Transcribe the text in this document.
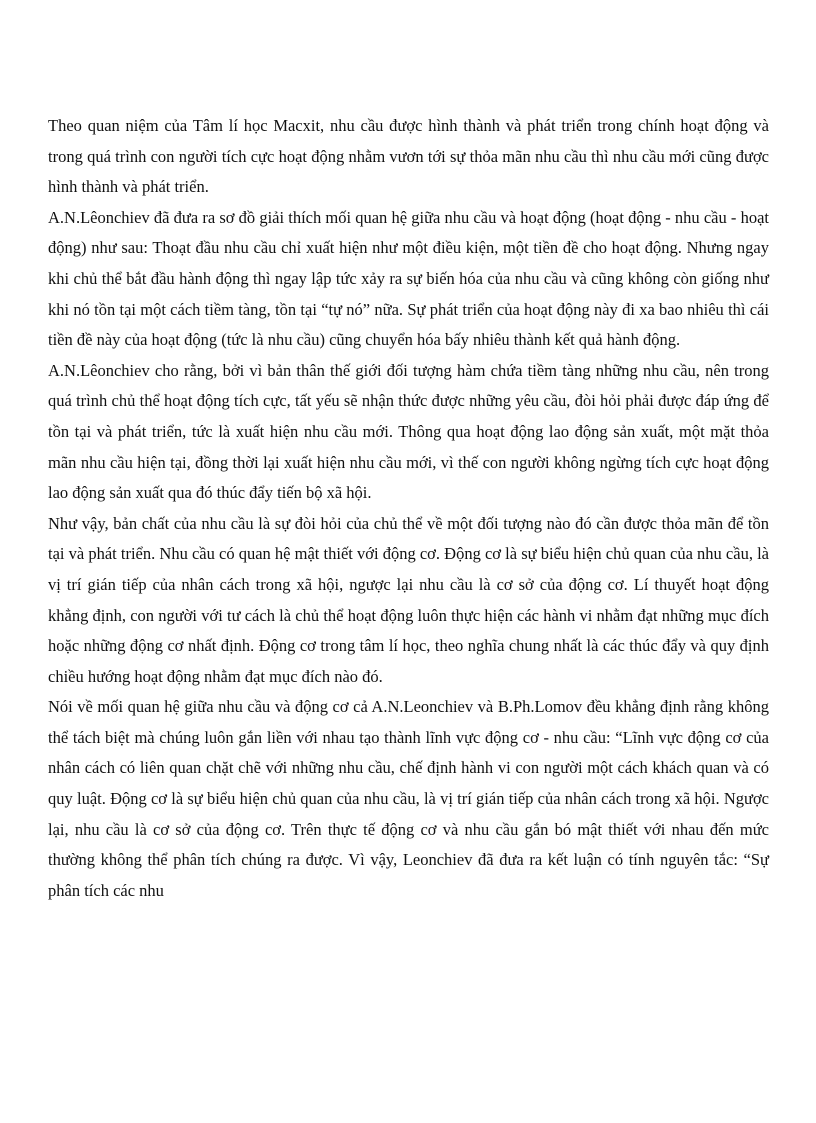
Theo quan niệm của Tâm lí học Macxit, nhu cầu được hình thành và phát triển trong chính hoạt động và trong quá trình con người tích cực hoạt động nhằm vươn tới sự thỏa mãn nhu cầu thì nhu cầu mới cũng được hình thành và phát triển.

A.N.Lêonchiev đã đưa ra sơ đồ giải thích mối quan hệ giữa nhu cầu và hoạt động (hoạt động - nhu cầu - hoạt động) như sau: Thoạt đầu nhu cầu chỉ xuất hiện như một điều kiện, một tiền đề cho hoạt động. Nhưng ngay khi chủ thể bắt đầu hành động thì ngay lập tức xảy ra sự biến hóa của nhu cầu và cũng không còn giống như khi nó tồn tại một cách tiềm tàng, tồn tại “tự nó” nữa. Sự phát triển của hoạt động này đi xa bao nhiêu thì cái tiền đề này của hoạt động (tức là nhu cầu) cũng chuyển hóa bấy nhiêu thành kết quả hành động.

A.N.Lêonchiev cho rằng, bởi vì bản thân thế giới đối tượng hàm chứa tiềm tàng những nhu cầu, nên trong quá trình chủ thể hoạt động tích cực, tất yếu sẽ nhận thức được những yêu cầu, đòi hỏi phải được đáp ứng để tồn tại và phát triển, tức là xuất hiện nhu cầu mới. Thông qua hoạt động lao động sản xuất, một mặt thỏa mãn nhu cầu hiện tại, đồng thời lại xuất hiện nhu cầu mới, vì thế con người không ngừng tích cực hoạt động lao động sản xuất qua đó thúc đẩy tiến bộ xã hội.

Như vậy, bản chất của nhu cầu là sự đòi hỏi của chủ thể về một đối tượng nào đó cần được thỏa mãn để tồn tại và phát triển. Nhu cầu có quan hệ mật thiết với động cơ. Động cơ là sự biểu hiện chủ quan của nhu cầu, là vị trí gián tiếp của nhân cách trong xã hội, ngược lại nhu cầu là cơ sở của động cơ. Lí thuyết hoạt động khẳng định, con người với tư cách là chủ thể hoạt động luôn thực hiện các hành vi nhằm đạt những mục đích hoặc những động cơ nhất định. Động cơ trong tâm lí học, theo nghĩa chung nhất là các thúc đẩy và quy định chiều hướng hoạt động nhằm đạt mục đích nào đó.

Nói về mối quan hệ giữa nhu cầu và động cơ cả A.N.Leonchiev và B.Ph.Lomov đều khẳng định rằng không thể tách biệt mà chúng luôn gắn liền với nhau tạo thành lĩnh vực động cơ - nhu cầu: “Lĩnh vực động cơ của nhân cách có liên quan chặt chẽ với những nhu cầu, chế định hành vi con người một cách khách quan và có quy luật. Động cơ là sự biểu hiện chủ quan của nhu cầu, là vị trí gián tiếp của nhân cách trong xã hội. Ngược lại, nhu cầu là cơ sở của động cơ. Trên thực tế động cơ và nhu cầu gắn bó mật thiết với nhau đến mức thường không thể phân tích chúng ra được. Vì vậy, Leonchiev đã đưa ra kết luận có tính nguyên tắc: “Sự phân tích các nhu
